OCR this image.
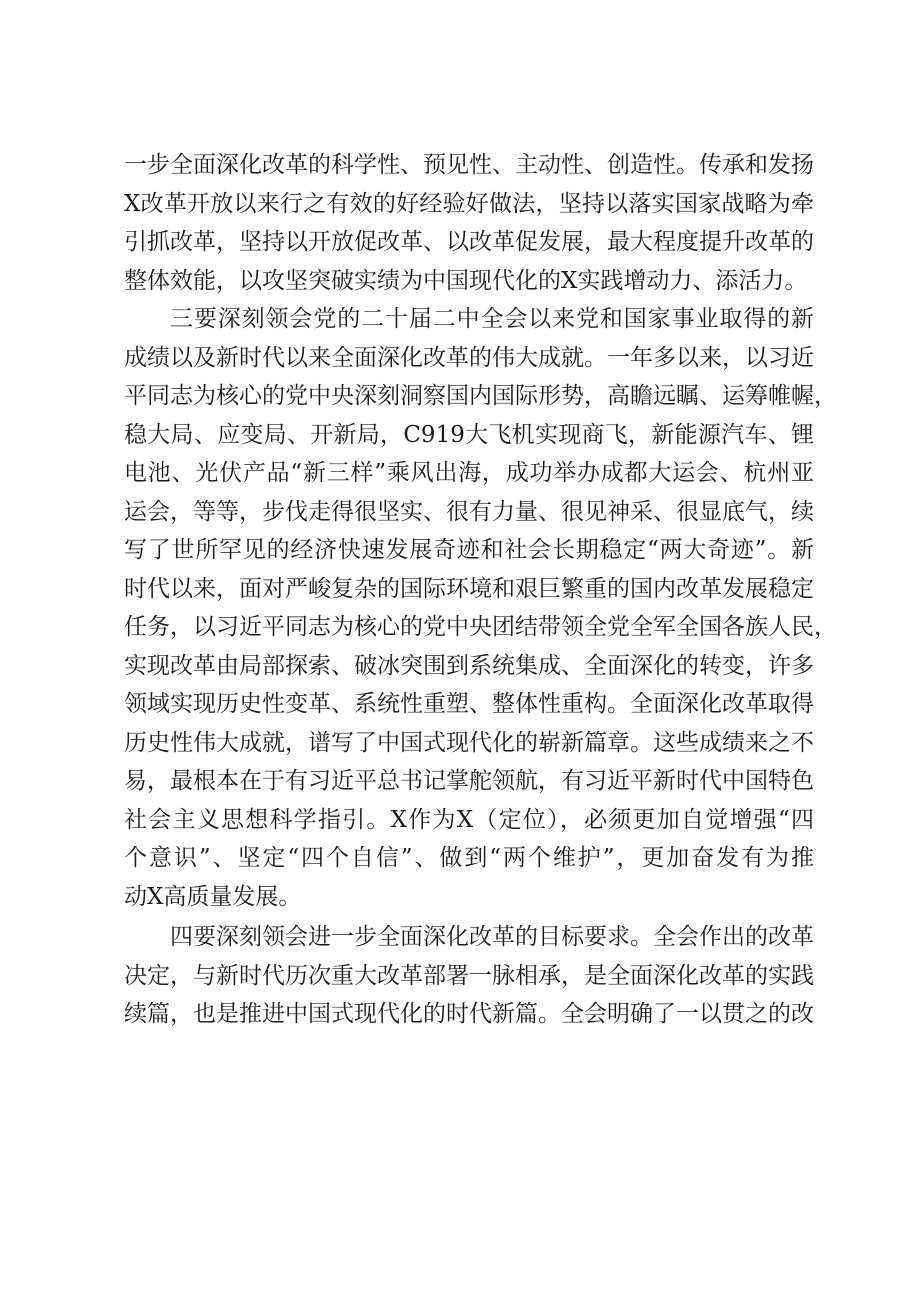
一步全面深化改革的科学性、预见性、主动性、创造性。传承和发扬
X改革开放以来行之有效的好经验好做法，坚持以落实国家战略为牵
引抓改革，坚持以开放促改革、以改革促发展，最大程度提升改革的
整体效能，以攻坚突破实绩为中国现代化的X实践增动力、添活力。

三要深刻领会党的二十届二中全会以来党和国家事业取得的新
成绩以及新时代以来全面深化改革的伟大成就。一年多以来，以习近
平同志为核心的党中央深刻洞察国内国际形势，高瞻远瞩、运筹帷幄，
稳大局、应变局、开新局，C919大飞机实现商飞，新能源汽车、锂
电池、光伏产品“新三样”乘风出海，成功举办成都大运会、杭州亚
运会，等等，步伐走得很坚实、很有力量、很见神采、很显底气，续
写了世所罕见的经济快速发展奇迹和社会长期稳定“两大奇迹”。新
时代以来，面对严峻复杂的国际环境和艰巨繁重的国内改革发展稳定
任务，以习近平同志为核心的党中央团结带领全党全军全国各族人民，
实现改革由局部探索、破冰突围到系统集成、全面深化的转变，许多
领域实现历史性变革、系统性重塑、整体性重构。全面深化改革取得
历史性伟大成就，谱写了中国式现代化的崭新篇章。这些成绩来之不
易，最根本在于有习近平总书记掌舵领航，有习近平新时代中国特色
社会主义思想科学指引。X作为X（定位），必须更加自觉增强“四
个意识”、坚定“四个自信”、做到“两个维护”，更加奋发有为推
动X高质量发展。

四要深刻领会进一步全面深化改革的目标要求。全会作出的改革
决定，与新时代历次重大改革部署一脉相承，是全面深化改革的实践
续篇，也是推进中国式现代化的时代新篇。全会明确了一以贯之的改
